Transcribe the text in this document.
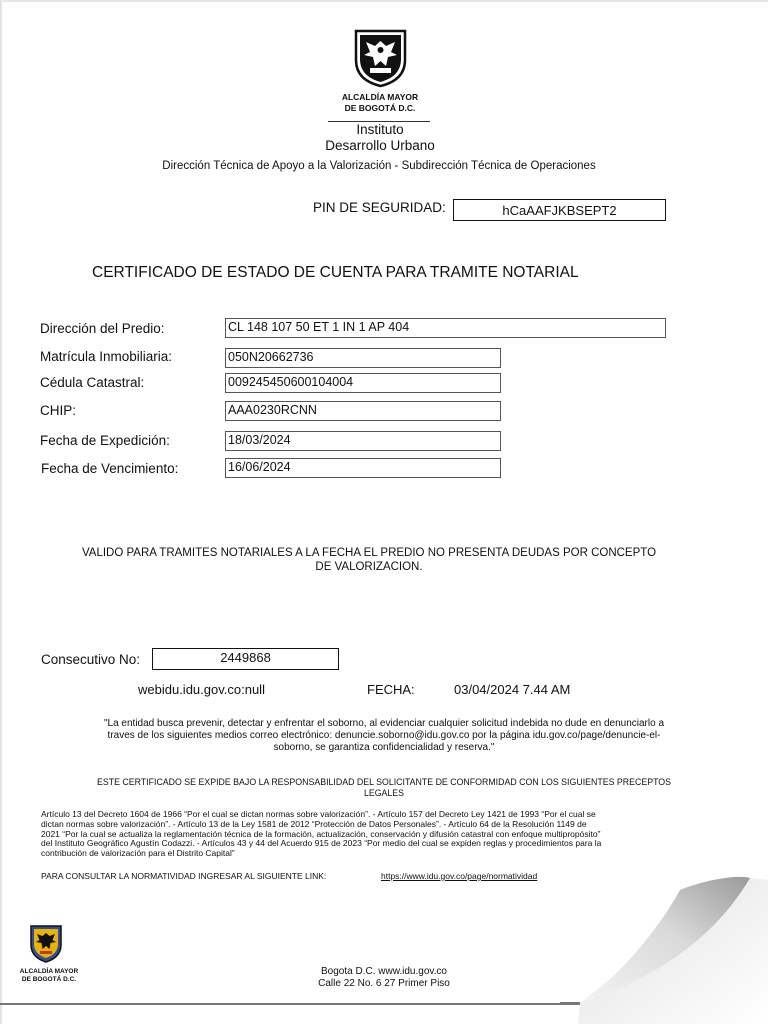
ALCALDÍA MAYOR
DE BOGOTÁ D.C.
Instituto
Desarrollo Urbano
Dirección Técnica de Apoyo a la Valorización - Subdirección Técnica de Operaciones
PIN DE SEGURIDAD:	hCaAAFJKBSEPT2
CERTIFICADO DE ESTADO DE CUENTA PARA TRAMITE NOTARIAL
Dirección del Predio:	CL 148 107 50 ET 1 IN 1 AP 404
Matrícula Inmobiliaria:	050N20662736
Cédula Catastral:	009245450600104004
CHIP:	AAA0230RCNN
Fecha de Expedición:	18/03/2024
Fecha de Vencimiento:	16/06/2024
VALIDO PARA TRAMITES NOTARIALES A LA FECHA EL PREDIO NO PRESENTA DEUDAS POR CONCEPTO
DE VALORIZACION.
Consecutivo No:	2449868
webidu.idu.gov.co:null	FECHA:	03/04/2024 7.44 AM
"La entidad busca prevenir, detectar y enfrentar el soborno, al evidenciar cualquier solicitud indebida no dude en denunciarlo a
traves de los siguientes medios correo electrónico: denuncie.soborno@idu.gov.co por la página idu.gov.co/page/denuncie-el-
soborno, se garantiza confidencialidad y reserva."
ESTE CERTIFICADO SE EXPIDE BAJO LA RESPONSABILIDAD DEL SOLICITANTE DE CONFORMIDAD CON LOS SIGUIENTES PRECEPTOS
LEGALES
Artículo 13 del Decreto 1604 de 1966 “Por el cual se dictan normas sobre valorización”. - Artículo 157 del Decreto Ley 1421 de 1993 “Por el cual se
dictan normas sobre valorización”. - Artículo 13 de la Ley 1581 de 2012 “Protección de Datos Personales”. - Artículo 64 de la Resolución 1149 de
2021 “Por la cual se actualiza la reglamentación técnica de la formación, actualización, conservación y difusión catastral con enfoque multipropósito”
del Instituto Geográfico Agustín Codazzi. - Artículos 43 y 44 del Acuerdo 915 de 2023 “Por medio del cual se expiden reglas y procedimientos para la
contribución de valorización para el Distrito Capital”
PARA CONSULTAR LA NORMATIVIDAD INGRESAR AL SIGUIENTE LINK:	https://www.idu.gov.co/page/normatividad
ALCALDÍA MAYOR
DE BOGOTÁ D.C.
Bogota D.C. www.idu.gov.co
Calle 22 No. 6 27 Primer Piso
